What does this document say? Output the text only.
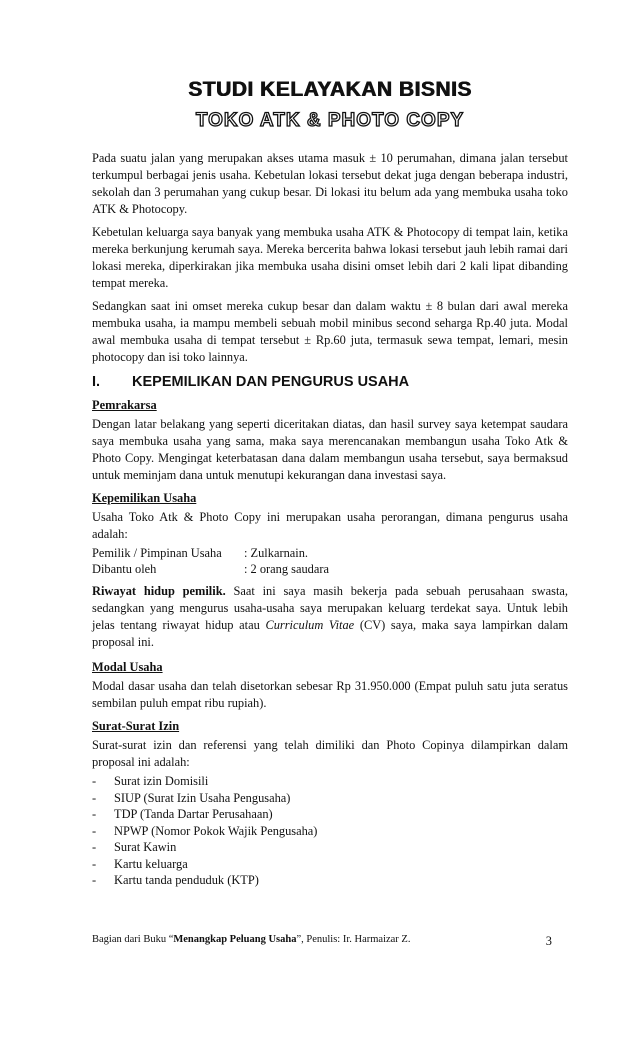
STUDI KELAYAKAN BISNIS
TOKO ATK & PHOTO COPY

Pada suatu jalan yang merupakan akses utama masuk ± 10 perumahan, dimana jalan tersebut terkumpul berbagai jenis usaha. Kebetulan lokasi tersebut dekat juga dengan beberapa industri, sekolah dan 3 perumahan yang cukup besar. Di lokasi itu belum ada yang membuka usaha toko ATK & Photocopy.

Kebetulan keluarga saya banyak yang membuka usaha ATK & Photocopy di tempat lain, ketika mereka berkunjung kerumah saya. Mereka bercerita bahwa lokasi tersebut jauh lebih ramai dari lokasi mereka, diperkirakan jika membuka usaha disini omset lebih dari 2 kali lipat dibanding tempat mereka.

Sedangkan saat ini omset mereka cukup besar dan dalam waktu ± 8 bulan dari awal mereka membuka usaha, ia mampu membeli sebuah mobil minibus second seharga Rp.40 juta. Modal awal membuka usaha di tempat tersebut ± Rp.60 juta, termasuk sewa tempat, lemari, mesin photocopy dan isi toko lainnya.

I.	KEPEMILIKAN DAN PENGURUS USAHA
Pemrakarsa

Dengan latar belakang yang seperti diceritakan diatas, dan hasil survey saya ketempat saudara saya membuka usaha yang sama, maka saya merencanakan membangun usaha Toko Atk & Photo Copy. Mengingat keterbatasan dana dalam membangun usaha tersebut, saya bermaksud untuk meminjam dana untuk menutupi kekurangan dana investasi saya.

Kepemilikan Usaha

Usaha Toko Atk & Photo Copy ini merupakan usaha perorangan, dimana pengurus usaha adalah:

Pemilik / Pimpinan Usaha	: Zulkarnain.
Dibantu oleh	: 2 orang saudara

Riwayat hidup pemilik. Saat ini saya masih bekerja pada sebuah perusahaan swasta, sedangkan yang mengurus usaha-usaha saya merupakan keluarg terdekat saya. Untuk lebih jelas tentang riwayat hidup atau Curriculum Vitae (CV) saya, maka saya lampirkan dalam proposal ini.

Modal Usaha

Modal dasar usaha dan telah disetorkan sebesar Rp 31.950.000 (Empat puluh satu juta seratus sembilan puluh empat ribu rupiah).

Surat-Surat Izin

Surat-surat izin dan referensi yang telah dimiliki dan Photo Copinya dilampirkan dalam proposal ini adalah:

-	Surat izin Domisili
-	SIUP (Surat Izin Usaha Pengusaha)
-	TDP (Tanda Dartar Perusahaan)
-	NPWP (Nomor Pokok Wajik Pengusaha)
-	Surat Kawin
-	Kartu keluarga
-	Kartu tanda penduduk (KTP)
Bagian dari Buku “Menangkap Peluang Usaha”, Penulis: Ir. Harmaizar Z.	3
